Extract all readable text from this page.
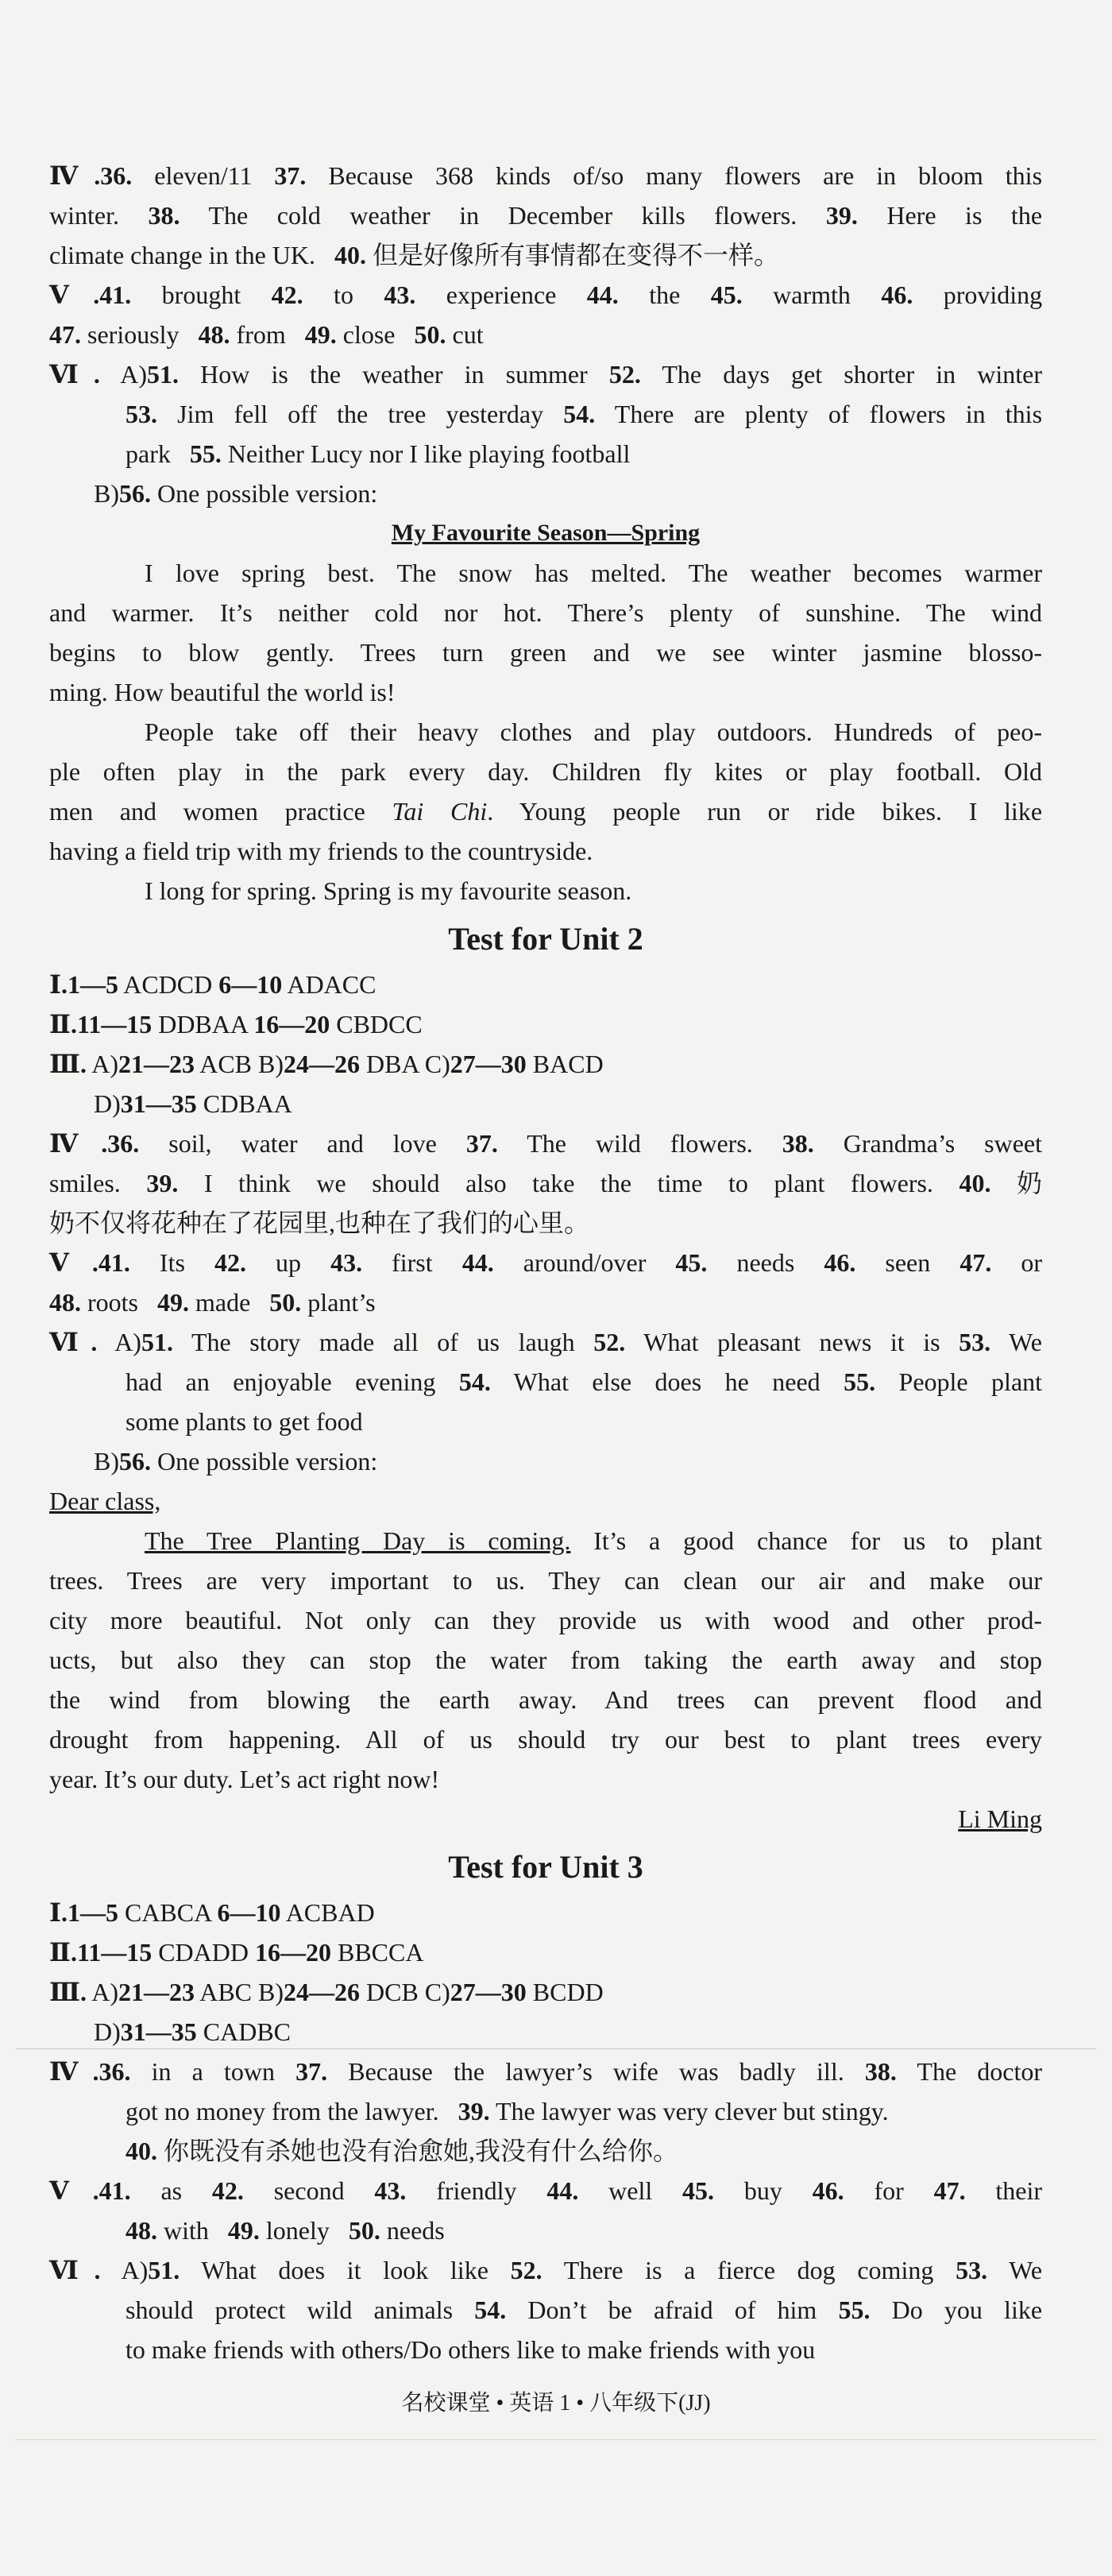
Ⅳ.36. eleven/11 37. Because 368 kinds of/so many flowers are in bloom this
winter. 38. The cold weather in December kills flowers. 39. Here is the
climate change in the UK. 40. 但是好像所有事情都在变得不一样。
Ⅴ.41. brought 42. to 43. experience 44. the 45. warmth 46. providing
47. seriously 48. from 49. close 50. cut
Ⅵ. A)51. How is the weather in summer 52. The days get shorter in winter
53. Jim fell off the tree yesterday 54. There are plenty of flowers in this
park 55. Neither Lucy nor I like playing football
B)56. One possible version:
My Favourite Season—Spring
I love spring best. The snow has melted. The weather becomes warmer
and warmer. It’s neither cold nor hot. There’s plenty of sunshine. The wind
begins to blow gently. Trees turn green and we see winter jasmine blosso-
ming. How beautiful the world is!
People take off their heavy clothes and play outdoors. Hundreds of peo-
ple often play in the park every day. Children fly kites or play football. Old
men and women practice Tai Chi. Young people run or ride bikes. I like
having a field trip with my friends to the countryside.
I long for spring. Spring is my favourite season.
Test for Unit 2
Ⅰ.1—5 ACDCD 6—10 ADACC
Ⅱ.11—15 DDBAA 16—20 CBDCC
Ⅲ. A)21—23 ACB B)24—26 DBA C)27—30 BACD
D)31—35 CDBAA
Ⅳ.36. soil, water and love 37. The wild flowers. 38. Grandma’s sweet
smiles. 39. I think we should also take the time to plant flowers. 40. 奶
奶不仅将花种在了花园里,也种在了我们的心里。
Ⅴ.41. Its 42. up 43. first 44. around/over 45. needs 46. seen 47. or
48. roots 49. made 50. plant’s
Ⅵ. A)51. The story made all of us laugh 52. What pleasant news it is 53. We
had an enjoyable evening 54. What else does he need 55. People plant
some plants to get food
B)56. One possible version:
Dear class,
The Tree Planting Day is coming. It’s a good chance for us to plant
trees. Trees are very important to us. They can clean our air and make our
city more beautiful. Not only can they provide us with wood and other prod-
ucts, but also they can stop the water from taking the earth away and stop
the wind from blowing the earth away. And trees can prevent flood and
drought from happening. All of us should try our best to plant trees every
year. It’s our duty. Let’s act right now!
Li Ming
Test for Unit 3
Ⅰ.1—5 CABCA 6—10 ACBAD
Ⅱ.11—15 CDADD 16—20 BBCCA
Ⅲ. A)21—23 ABC B)24—26 DCB C)27—30 BCDD
D)31—35 CADBC
Ⅳ.36. in a town 37. Because the lawyer’s wife was badly ill. 38. The doctor
got no money from the lawyer. 39. The lawyer was very clever but stingy.
40. 你既没有杀她也没有治愈她,我没有什么给你。
Ⅴ.41. as 42. second 43. friendly 44. well 45. buy 46. for 47. their
48. with 49. lonely 50. needs
Ⅵ. A)51. What does it look like 52. There is a fierce dog coming 53. We
should protect wild animals 54. Don’t be afraid of him 55. Do you like
to make friends with others/Do others like to make friends with you
名校课堂 • 英语 1 • 八年级下(JJ)
